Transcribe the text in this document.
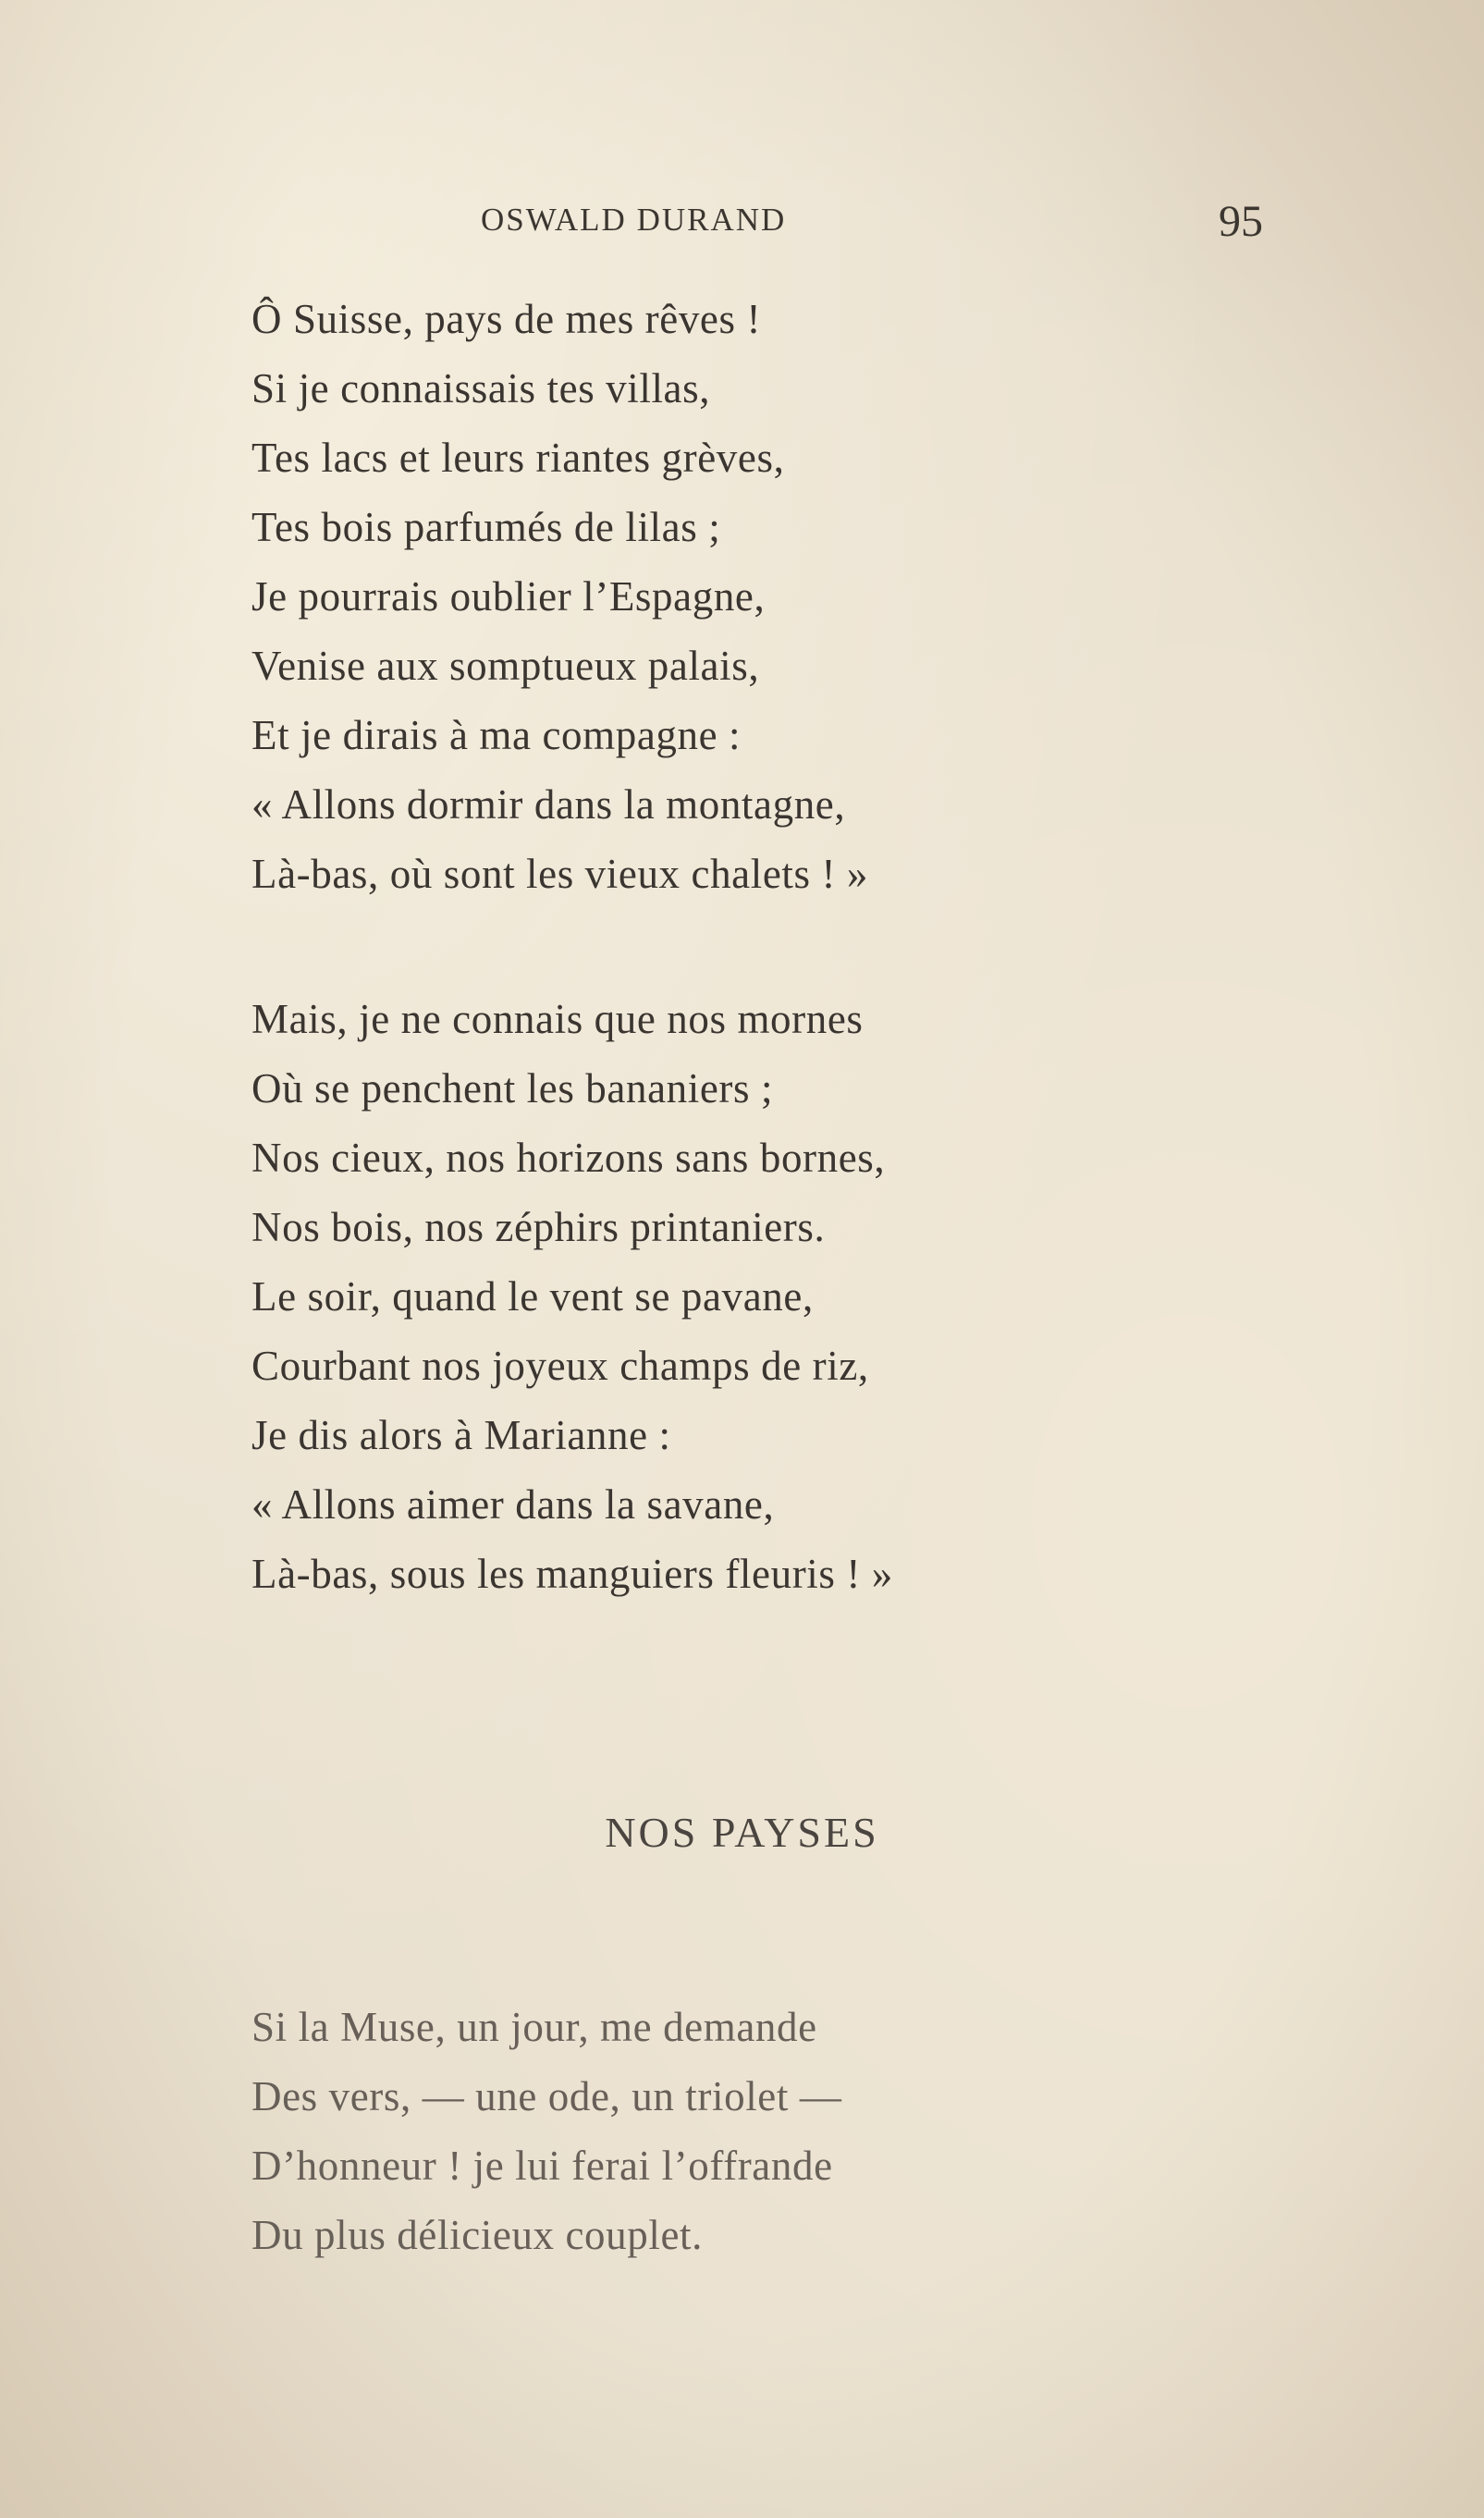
OSWALD DURAND	95
Ô Suisse, pays de mes rêves !
Si je connaissais tes villas,
Tes lacs et leurs riantes grèves,
Tes bois parfumés de lilas ;
Je pourrais oublier l’Espagne,
Venise aux somptueux palais,
Et je dirais à ma compagne :
« Allons dormir dans la montagne,
Là-bas, où sont les vieux chalets ! »
Mais, je ne connais que nos mornes
Où se penchent les bananiers ;
Nos cieux, nos horizons sans bornes,
Nos bois, nos zéphirs printaniers.
Le soir, quand le vent se pavane,
Courbant nos joyeux champs de riz,
Je dis alors à Marianne :
« Allons aimer dans la savane,
Là-bas, sous les manguiers fleuris ! »
NOS PAYSES
Si la Muse, un jour, me demande
Des vers, — une ode, un triolet —
D’honneur ! je lui ferai l’offrande
Du plus délicieux couplet.
